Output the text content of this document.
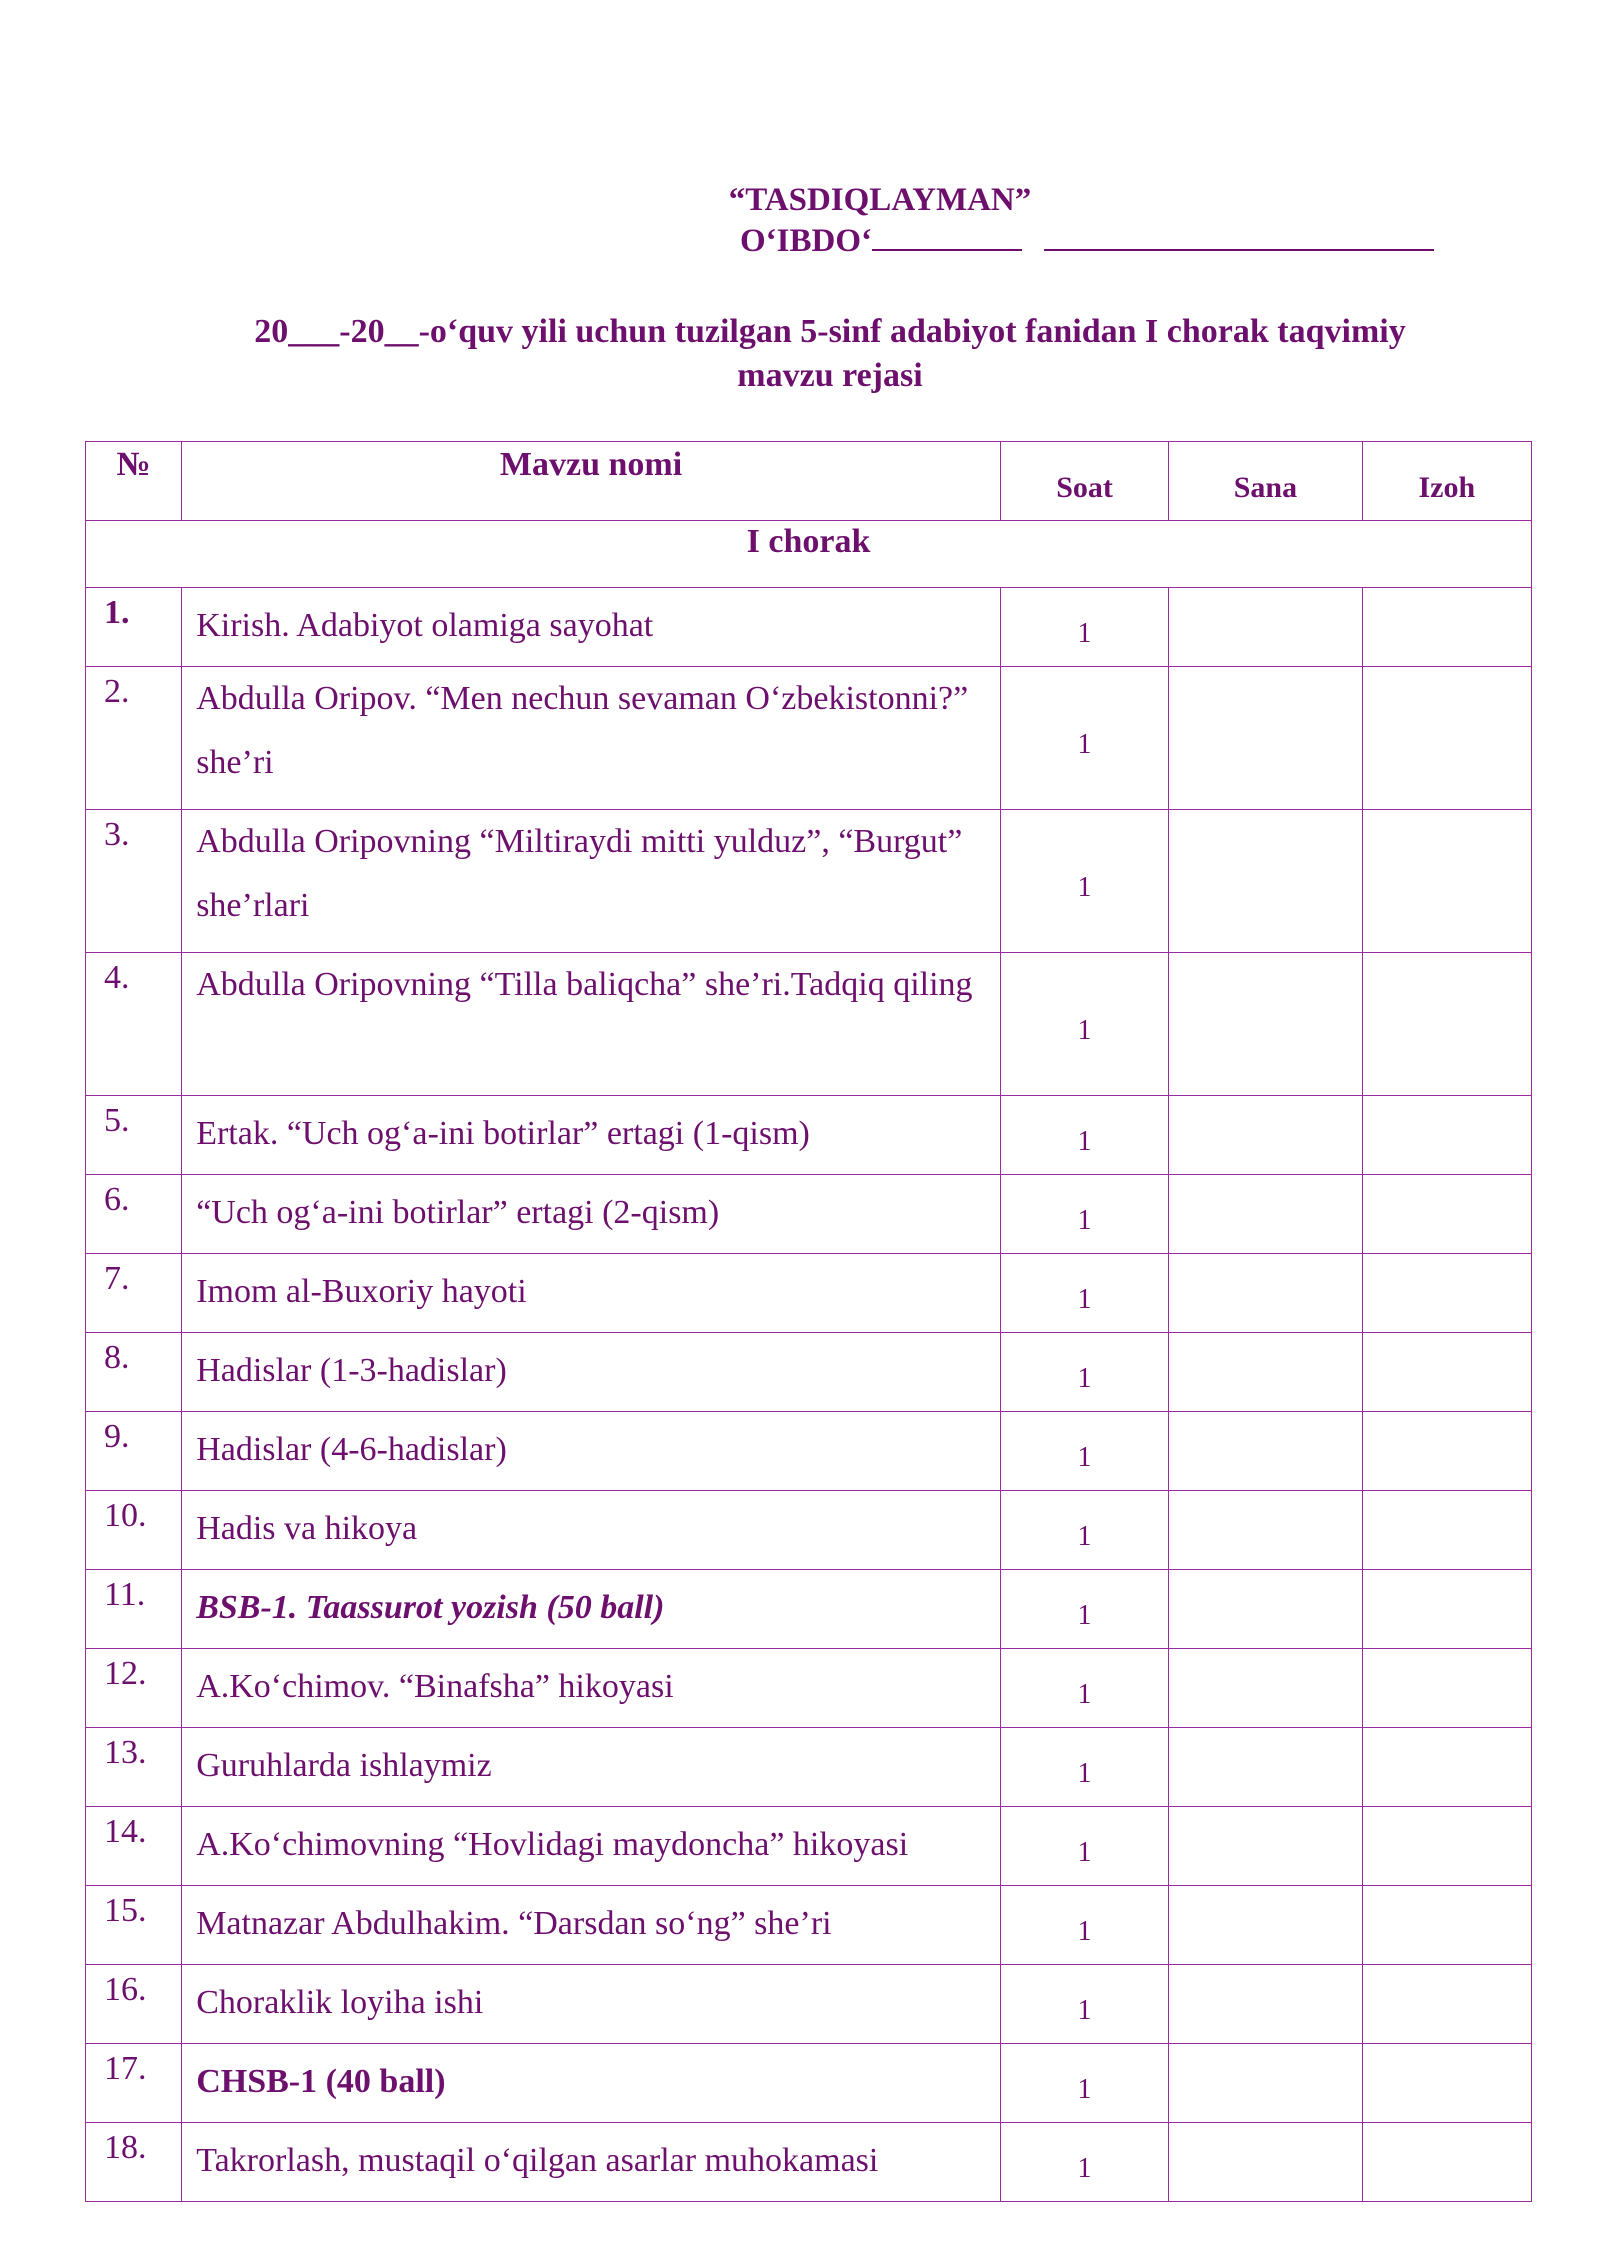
“TASDIQLAYMAN”
O‘IBDO‘
20___-20__-o‘quv yili uchun tuzilgan 5-sinf adabiyot fanidan I chorak taqvimiy
mavzu rejasi
№	Mavzu nomi	Soat	Sana	Izoh
I chorak				
1.	Kirish. Adabiyot olamiga sayohat	1		
2.	Abdulla Oripov. “Men nechun sevaman O‘zbekistonni?” she’ri	1		
3.	Abdulla Oripovning “Miltiraydi mitti yulduz”, “Burgut” she’rlari	1		
4.	Abdulla Oripovning “Tilla baliqcha” she’ri.Tadqiq qiling	1		
5.	Ertak. “Uch og‘a-ini botirlar” ertagi (1-qism)	1		
6.	“Uch og‘a-ini botirlar” ertagi (2-qism)	1		
7.	Imom al-Buxoriy hayoti	1		
8.	Hadislar (1-3-hadislar)	1		
9.	Hadislar (4-6-hadislar)	1		
10.	Hadis va hikoya	1		
11.	BSB-1. Taassurot yozish (50 ball)	1		
12.	A.Ko‘chimov. “Binafsha” hikoyasi	1		
13.	Guruhlarda ishlaymiz	1		
14.	A.Ko‘chimovning “Hovlidagi maydoncha” hikoyasi	1		
15.	Matnazar Abdulhakim. “Darsdan so‘ng” she’ri	1		
16.	Choraklik loyiha ishi	1		
17.	CHSB-1 (40 ball)	1		
18.	Takrorlash, mustaqil o‘qilgan asarlar muhokamasi	1		
